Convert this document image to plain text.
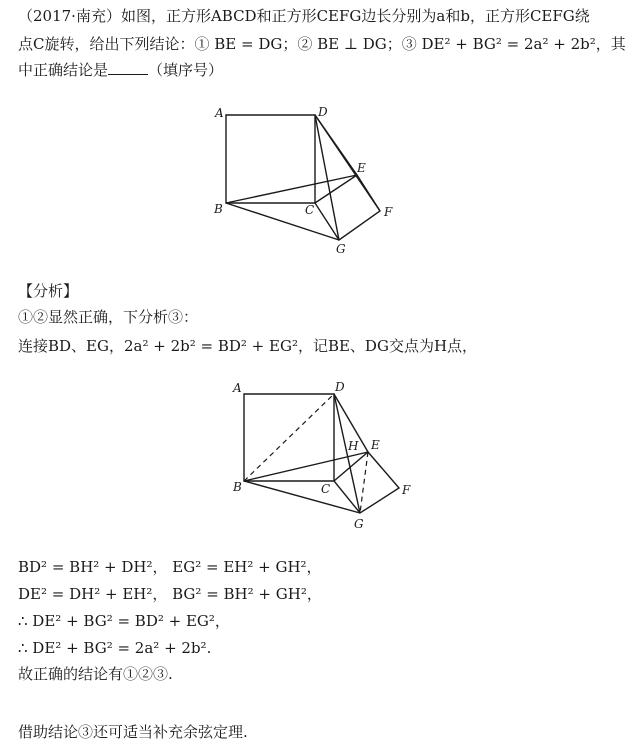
（2017·南充）如图，正方形ABCD和正方形CEFG边长分别为a和b，正方形CEFG绕
点C旋转，给出下列结论：① BE = DG；② BE ⊥ DG；③ DE² + BG² = 2a² + 2b²，其
中正确结论是	（填序号）
A	D
E
B	C	F
G
【分析】
①②显然正确，下分析③：
连接BD、EG，2a² + 2b² = BD² + EG²，记BE、DG交点为H点，
A	D
H E
B	C	F
G
BD² = BH² + DH²， EG² = EH² + GH²，
DE² = DH² + EH²， BG² = BH² + GH²，
∴ DE² + BG² = BD² + EG²，
∴ DE² + BG² = 2a² + 2b².
故正确的结论有①②③.
借助结论③还可适当补充余弦定理.
